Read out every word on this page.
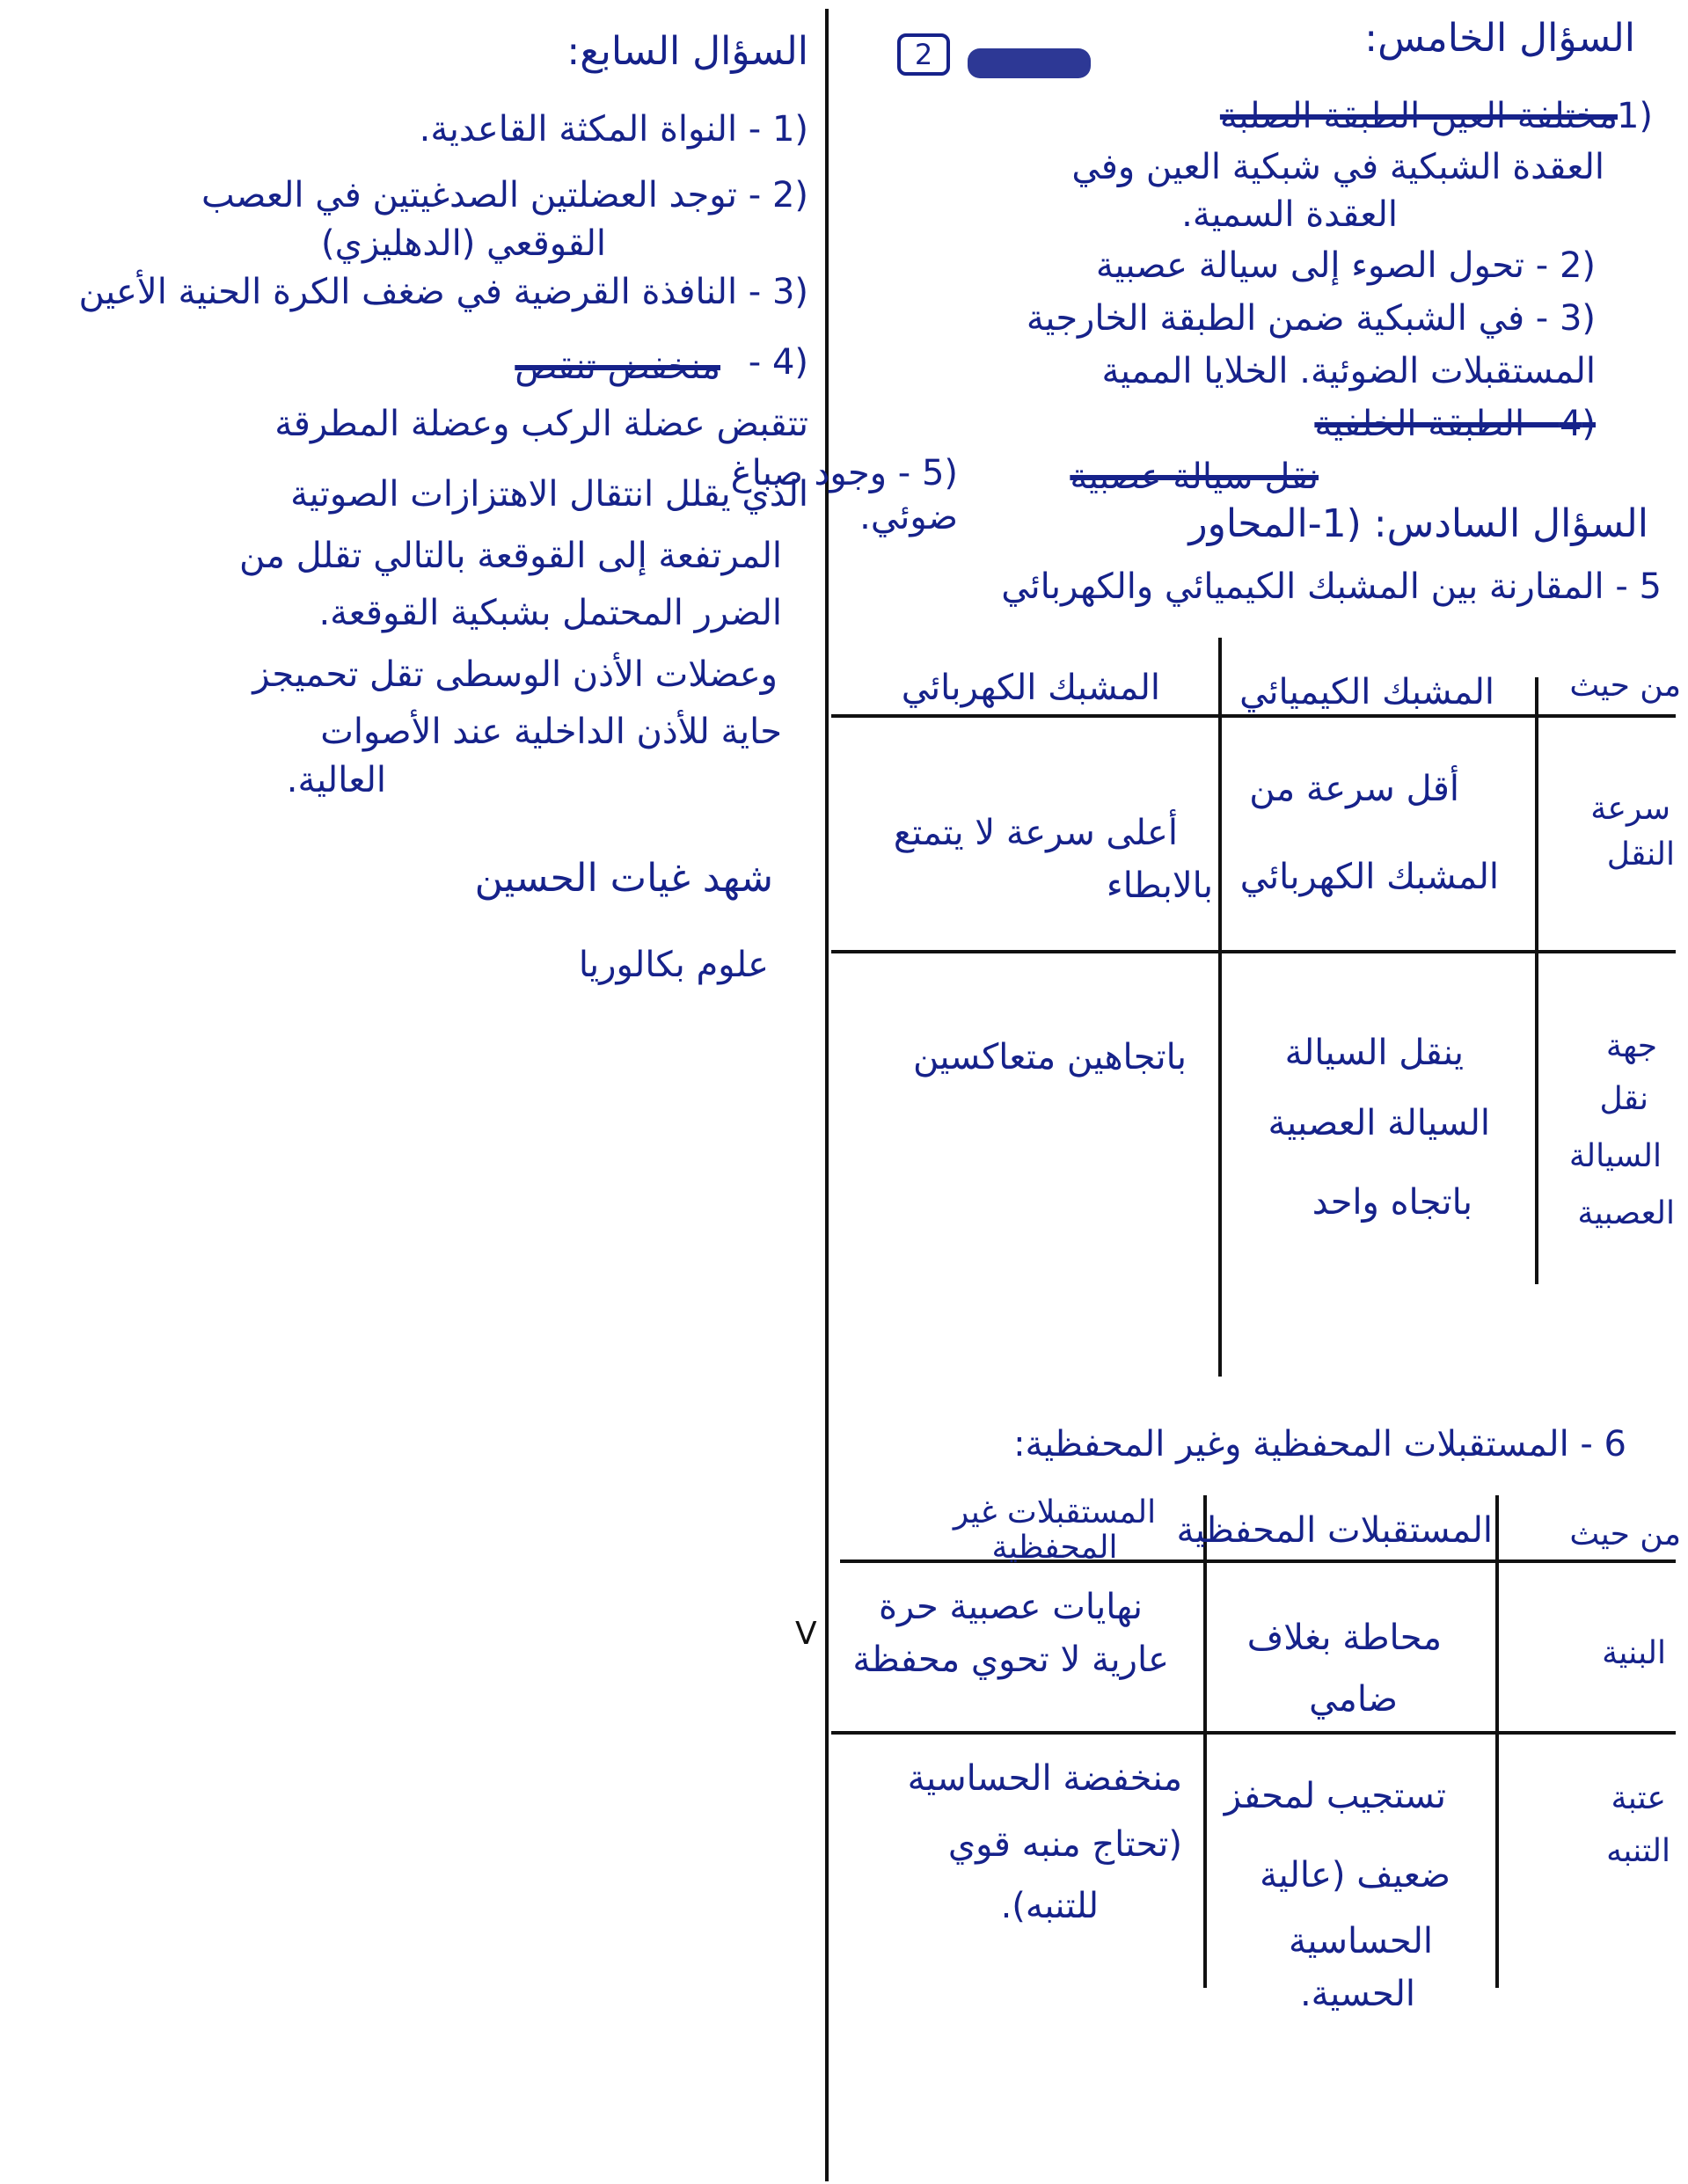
V
2	السؤال الخامس:
مختلفة العين الطبقة الصلبة
(1
العقدة الشبكية في شبكية العين وفي
العقدة السمية.
(2 - تحول الصوء إلى سيالة عصبية
(3 - في الشبكية ضمن الطبقة الخارجية
المستقبلات الضوئية. الخلايا الممية
(4 - الطبقة الخلفية
نقل سيالة عصبية
(5 - وجود صباغ
ضوئي.	السؤال السادس: (1-المحاور
5 - المقارنة بين المشبك الكيميائي والكهربائي
من حيث
المشبك الكيميائي
المشبك الكهربائي
سرعة
النقل
أقل سرعة من
المشبك الكهربائي
أعلى سرعة لا يتمتع
بالابطاء
جهة
نقل
السيالة
العصبية
ينقل السيالة
السيالة العصبية
باتجاه واحد
باتجاهين متعاكسين
6 - المستقبلات المحفظية وغير المحفظية:
من حيث
المستقبلات المحفظية
المستقبلات غير المحفظية
البنية
محاطة بغلاف
ضامي
نهايات عصبية حرة
عارية لا تحوي محفظة
عتبة
التنبه
تستجيب لمحفز
ضعيف (عالية
الحساسية
الحسية.
منخفضة الحساسية
(تحتاج منبه قوي
للتنبه).
السؤال السابع:
(1 - النواة المكثة القاعدية.
(2 - توجد العضلتين الصدغيتين في العصب
القوقعي (الدهليزي)
(3 - النافذة القرضية في ضغف الكرة الحنية الأعين
(4 -
منخفض تنقص
تتقبض عضلة الركب وعضلة المطرقة
الذي يقلل انتقال الاهتزازات الصوتية
المرتفعة إلى القوقعة بالتالي تقلل من
الضرر المحتمل بشبكية القوقعة.
وعضلات الأذن الوسطى تقل تحميجز
حاية للأذن الداخلية عند الأصوات
العالية.
شهد غيات الحسين
علوم بكالوريا
